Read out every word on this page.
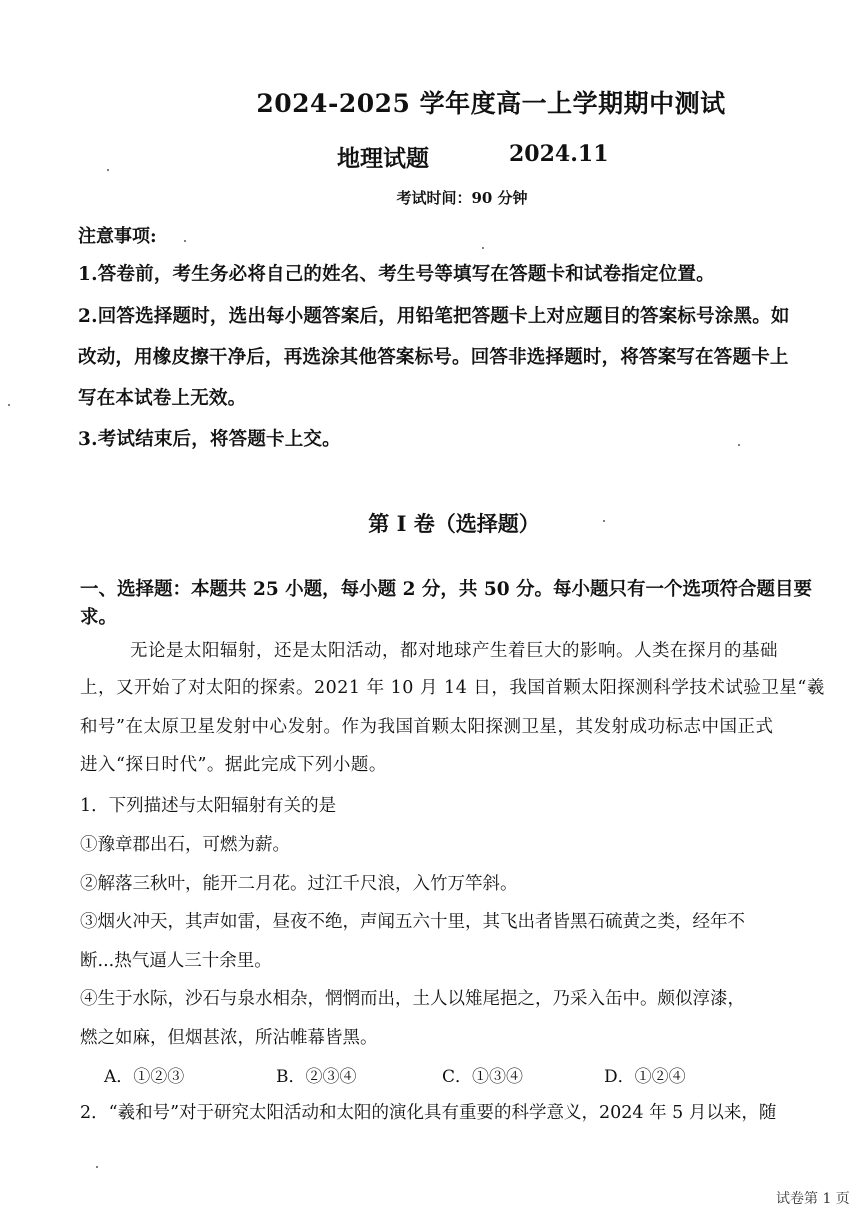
2024-2025 学年度高一上学期期中测试
地理试题	2024.11
考试时间：90 分钟
注意事项:
1.答卷前，考生务必将自己的姓名、考生号等填写在答题卡和试卷指定位置。
2.回答选择题时，选出每小题答案后，用铅笔把答题卡上对应题目的答案标号涂黑。如
改动，用橡皮擦干净后，再选涂其他答案标号。回答非选择题时，将答案写在答题卡上
写在本试卷上无效。
3.考试结束后，将答题卡上交。
第 I 卷（选择题）
一、选择题：本题共 25 小题，每小题 2 分，共 50 分。每小题只有一个选项符合题目要
求。
无论是太阳辐射，还是太阳活动，都对地球产生着巨大的影响。人类在探月的基础
上，又开始了对太阳的探索。2021 年 10 月 14 日，我国首颗太阳探测科学技术试验卫星“羲
和号”在太原卫星发射中心发射。作为我国首颗太阳探测卫星，其发射成功标志中国正式
进入“探日时代”。据此完成下列小题。
1．下列描述与太阳辐射有关的是
①豫章郡出石，可燃为薪。
②解落三秋叶，能开二月花。过江千尺浪，入竹万竿斜。
③烟火冲天，其声如雷，昼夜不绝，声闻五六十里，其飞出者皆黑石硫黄之类，经年不
断...热气逼人三十余里。
④生于水际，沙石与泉水相杂，惘惘而出，土人以雉尾挹之，乃采入缶中。颇似淳漆，
燃之如麻，但烟甚浓，所沾帷幕皆黑。
A．①②③	B．②③④	C．①③④	D．①②④
2．“羲和号”对于研究太阳活动和太阳的演化具有重要的科学意义，2024 年 5 月以来，随
试卷第 1 页
